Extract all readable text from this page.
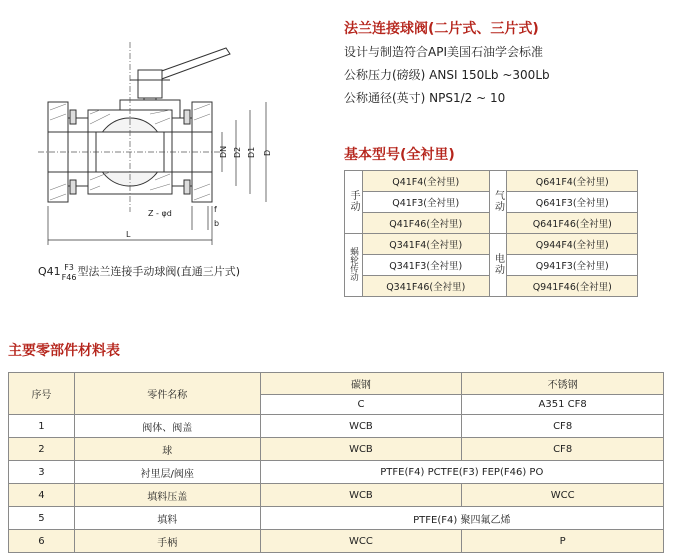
DN D2 D1 D
Z - φd	f
b
L
Q41 F3
F46型法兰连接手动球阀(直通三片式)
法兰连接球阀(二片式、三片式)
设计与制造符合API美国石油学会标准
公称压力(磅级) ANSI 150Lb ~300Lb
公称通径(英寸) NPS1/2 ~ 10
基本型号(全衬里)
手动	Q41F4(全衬里)	气动	Q641F4(全衬里)
	Q41F3(全衬里)		Q641F3(全衬里)
	Q41F46(全衬里)		Q641F46(全衬里)
蜗轮传动	Q341F4(全衬里)	电动	Q944F4(全衬里)
	Q341F3(全衬里)		Q941F3(全衬里)
	Q341F46(全衬里)		Q941F46(全衬里)
主要零部件材料表
序号	零件名称	碳钢	不锈钢
		C	A351 CF8
1	阀体、阀盖	WCB	CF8
2	球	WCB	CF8
3	衬里层/阀座	PTFE(F4) PCTFE(F3) FEP(F46) PO	
4	填料压盖	WCB	WCC
5	填料	PTFE(F4) 聚四氟乙烯	
6	手柄	WCC	P
